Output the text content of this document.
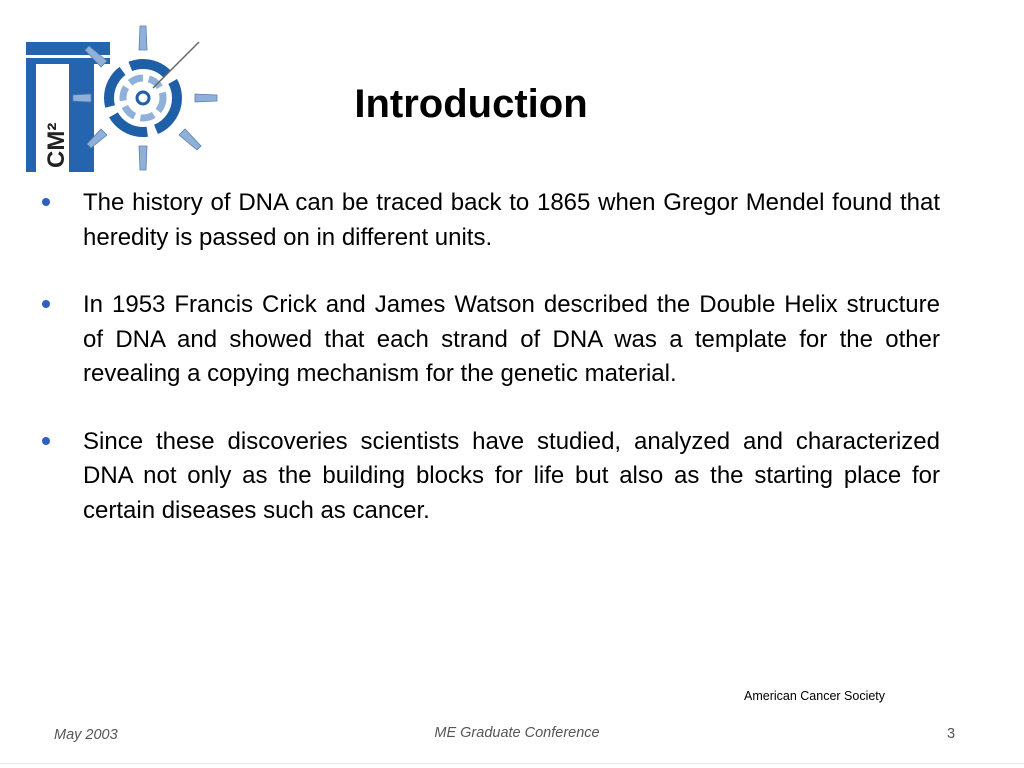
CM²
Introduction
The history of DNA can be traced back to 1865 when Gregor Mendel found that heredity is passed on in different units.
In 1953 Francis Crick and James Watson described the Double Helix structure of DNA and showed that each strand of DNA was a template for the other revealing a copying mechanism for the genetic material.
Since these discoveries scientists have studied, analyzed and characterized DNA not only as the building blocks for life but also as the starting place for certain diseases such as cancer.
American Cancer Society
May 2003	ME Graduate Conference	3
